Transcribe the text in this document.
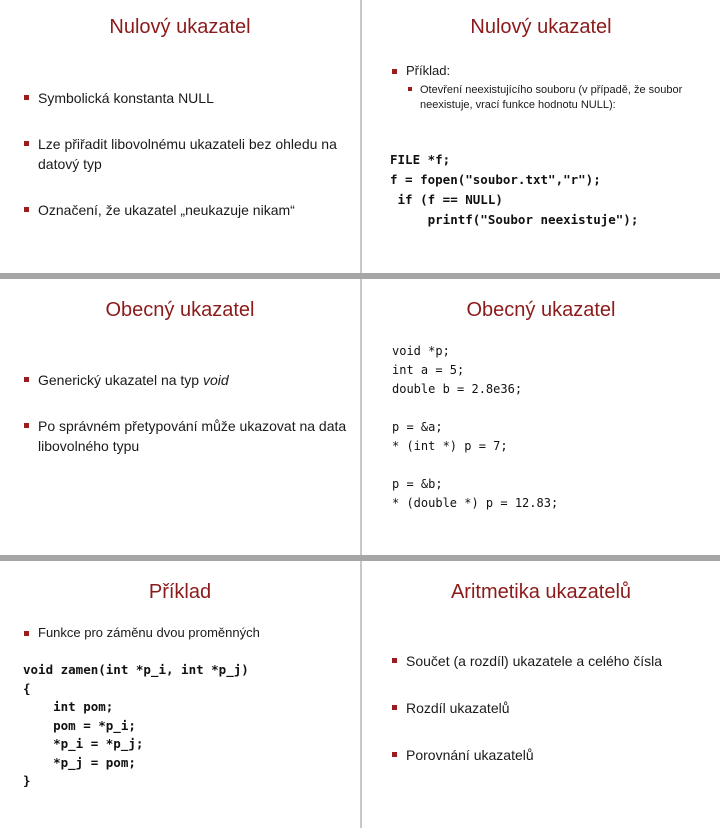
Nulový ukazatel
Symbolická konstanta NULL
Lze přiřadit libovolnému ukazateli bez ohledu na datový typ
Označení, že ukazatel „neukazuje nikam“
Nulový ukazatel
Příklad:
Otevření neexistujícího souboru (v případě, že soubor neexistuje, vrací funkce hodnotu NULL):
FILE *f;
f = fopen("soubor.txt","r");
if (f == NULL)
printf("Soubor neexistuje");
Obecný ukazatel
Generický ukazatel na typ void
Po správném přetypování může ukazovat na data libovolného typu
Obecný ukazatel
void *p;
int a = 5;
double b = 2.8e36;

p = &a;
* (int *) p = 7;

p = &b;
* (double *) p = 12.83;
Příklad
Funkce pro záměnu dvou proměnných
void zamen(int *p_i, int *p_j)
{
int pom;
pom = *p_i;
*p_i = *p_j;
*p_j = pom;
}
Aritmetika ukazatelů
Součet (a rozdíl) ukazatele a celého čísla
Rozdíl ukazatelů
Porovnání ukazatelů
